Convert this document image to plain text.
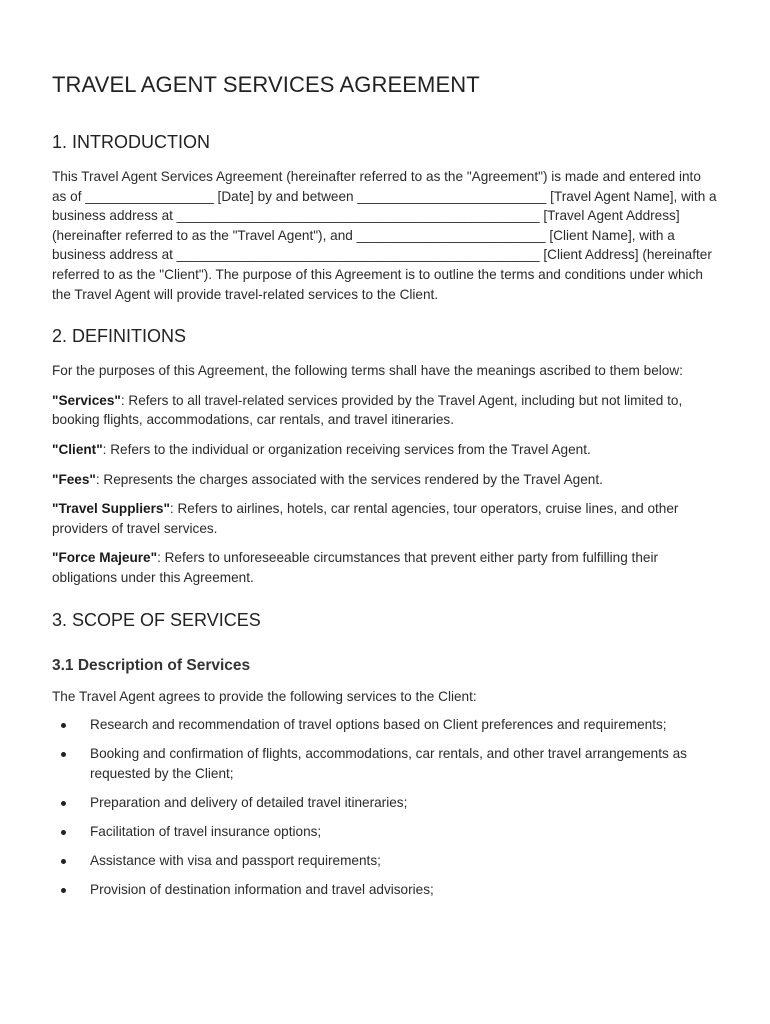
TRAVEL AGENT SERVICES AGREEMENT
1. INTRODUCTION

This Travel Agent Services Agreement (hereinafter referred to as the "Agreement") is made and entered into as of _________________ [Date] by and between _________________________ [Travel Agent Name], with a business address at ________________________________________________ [Travel Agent Address] (hereinafter referred to as the "Travel Agent"), and _________________________ [Client Name], with a business address at ________________________________________________ [Client Address] (hereinafter referred to as the "Client"). The purpose of this Agreement is to outline the terms and conditions under which the Travel Agent will provide travel-related services to the Client.

2. DEFINITIONS

For the purposes of this Agreement, the following terms shall have the meanings ascribed to them below:

"Services": Refers to all travel-related services provided by the Travel Agent, including but not limited to, booking flights, accommodations, car rentals, and travel itineraries.

"Client": Refers to the individual or organization receiving services from the Travel Agent.

"Fees": Represents the charges associated with the services rendered by the Travel Agent.

"Travel Suppliers": Refers to airlines, hotels, car rental agencies, tour operators, cruise lines, and other providers of travel services.

"Force Majeure": Refers to unforeseeable circumstances that prevent either party from fulfilling their obligations under this Agreement.

3. SCOPE OF SERVICES
3.1 Description of Services

The Travel Agent agrees to provide the following services to the Client:

Research and recommendation of travel options based on Client preferences and requirements;
Booking and confirmation of flights, accommodations, car rentals, and other travel arrangements as requested by the Client;
Preparation and delivery of detailed travel itineraries;
Facilitation of travel insurance options;
Assistance with visa and passport requirements;
Provision of destination information and travel advisories;
